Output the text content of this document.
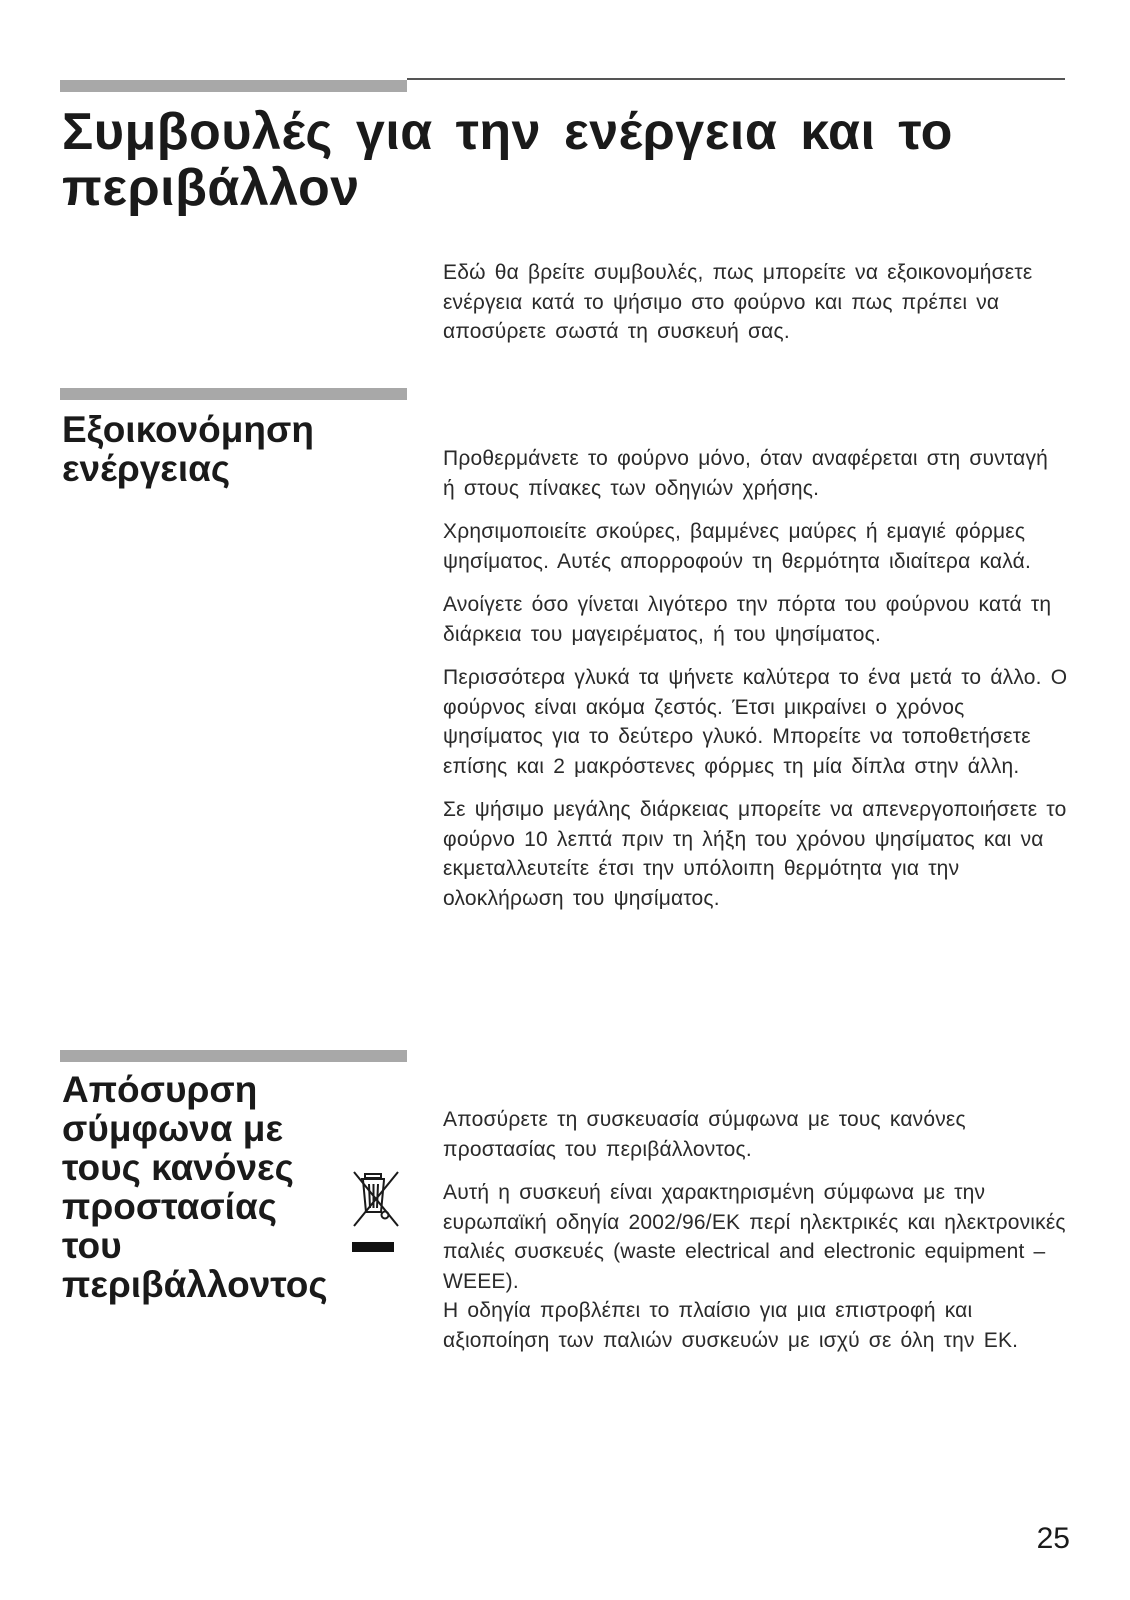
Συμβουλές για την ενέργεια και το περιβάλλον

Εδώ θα βρείτε συμβουλές, πως μπορείτε να εξοικονομήσετε ενέργεια κατά το ψήσιμο στο φούρνο και πως πρέπει να αποσύρετε σωστά τη συσκευή σας.

Εξοικονόμηση
ενέργειας	Προθερμάνετε το φούρνο μόνο, όταν αναφέρεται στη συνταγή ή στους πίνακες των οδηγιών χρήσης.

Χρησιμοποιείτε σκούρες, βαμμένες μαύρες ή εμαγιέ φόρμες ψησίματος. Αυτές απορροφούν τη θερμότητα ιδιαίτερα καλά.

Ανοίγετε όσο γίνεται λιγότερο την πόρτα του φούρνου κατά τη διάρκεια του μαγειρέματος, ή του ψησίματος.

Περισσότερα γλυκά τα ψήνετε καλύτερα το ένα μετά το άλλο. Ο φούρνος είναι ακόμα ζεστός. Έτσι μικραίνει ο χρόνος ψησίματος για το δεύτερο γλυκό. Μπορείτε να τοποθετήσετε επίσης και 2 μακρόστενες φόρμες τη μία δίπλα στην άλλη.

Σε ψήσιμο μεγάλης διάρκειας μπορείτε να απενεργοποιήσετε το φούρνο 10 λεπτά πριν τη λήξη του χρόνου ψησίματος και να εκμεταλλευτείτε έτσι την υπόλοιπη θερμότητα για την ολοκλήρωση του ψησίματος.

Απόσυρση
σύμφωνα με
τους κανόνες
προστασίας
του
περιβάλλοντος

Αποσύρετε τη συσκευασία σύμφωνα με τους κανόνες προστασίας του περιβάλλοντος.

Αυτή η συσκευή είναι χαρακτηρισμένη σύμφωνα με την ευρωπαϊκή οδηγία 2002/96/ΕΚ περί ηλεκτρικές και ηλεκτρονικές παλιές συσκευές (waste electrical and electronic equipment – WEEE).

Η οδηγία προβλέπει το πλαίσιο για μια επιστροφή και αξιοποίηση των παλιών συσκευών με ισχύ σε όλη την ΕΚ.

25
